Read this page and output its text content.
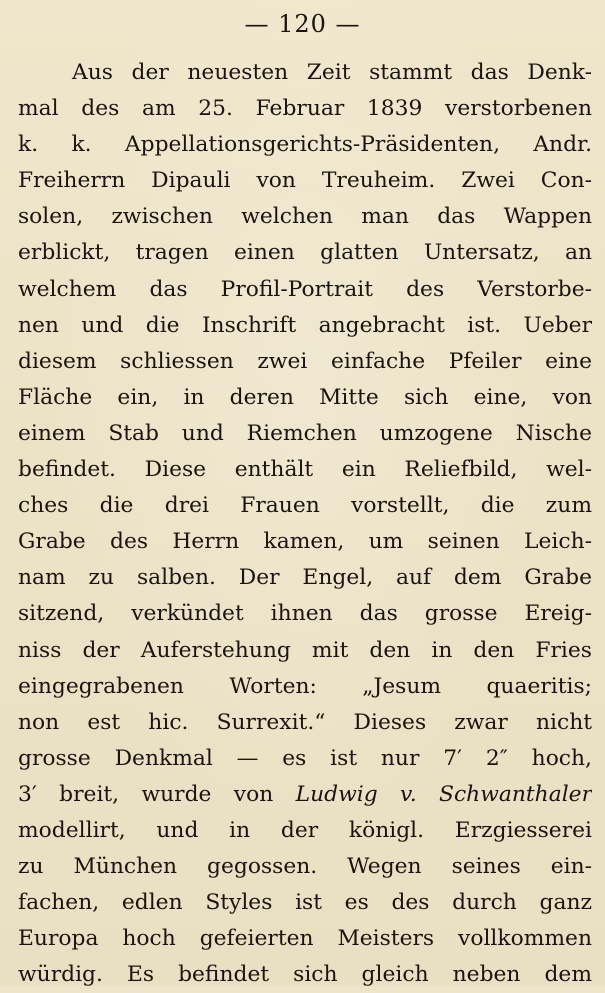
— 120 —
Aus der neuesten Zeit stammt das Denk-
mal des am 25. Februar 1839 verstorbenen
k. k. Appellationsgerichts-Präsidenten, Andr.
Freiherrn Dipauli von Treuheim. Zwei Con-
solen, zwischen welchen man das Wappen
erblickt, tragen einen glatten Untersatz, an
welchem das Profil-Portrait des Verstorbe-
nen und die Inschrift angebracht ist. Ueber
diesem schliessen zwei einfache Pfeiler eine
Fläche ein, in deren Mitte sich eine, von
einem Stab und Riemchen umzogene Nische
befindet. Diese enthält ein Reliefbild, wel-
ches die drei Frauen vorstellt, die zum
Grabe des Herrn kamen, um seinen Leich-
nam zu salben. Der Engel, auf dem Grabe
sitzend, verkündet ihnen das grosse Ereig-
niss der Auferstehung mit den in den Fries
eingegrabenen Worten: „Jesum quaeritis;
non est hic. Surrexit.“ Dieses zwar nicht
grosse Denkmal — es ist nur 7′ 2″ hoch,
3′ breit, wurde von Ludwig v. Schwanthaler
modellirt, und in der königl. Erzgiesserei
zu München gegossen. Wegen seines ein-
fachen, edlen Styles ist es des durch ganz
Europa hoch gefeierten Meisters vollkommen
würdig. Es befindet sich gleich neben dem
